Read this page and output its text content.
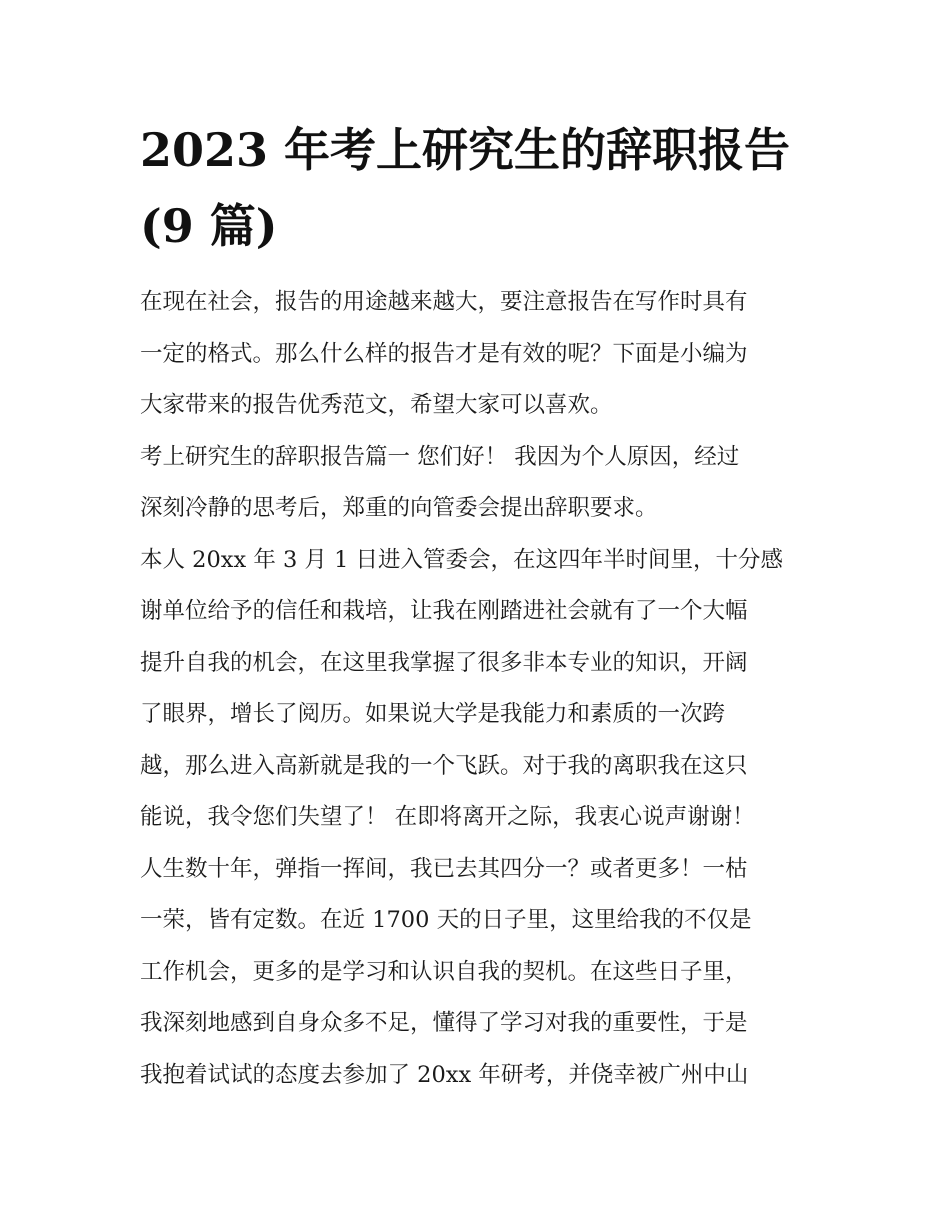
2023 年考上研究生的辞职报告
(9 篇)

在现在社会，报告的用途越来越大，要注意报告在写作时具有

一定的格式。那么什么样的报告才是有效的呢？下面是小编为

大家带来的报告优秀范文，希望大家可以喜欢。

考上研究生的辞职报告篇一 您们好！ 我因为个人原因，经过

深刻冷静的思考后，郑重的向管委会提出辞职要求。

本人 20xx 年 3 月 1 日进入管委会，在这四年半时间里，十分感

谢单位给予的信任和栽培，让我在刚踏进社会就有了一个大幅

提升自我的机会，在这里我掌握了很多非本专业的知识，开阔

了眼界，增长了阅历。如果说大学是我能力和素质的一次跨

越，那么进入高新就是我的一个飞跃。对于我的离职我在这只

能说，我令您们失望了！ 在即将离开之际，我衷心说声谢谢！

人生数十年，弹指一挥间，我已去其四分一？或者更多！一枯

一荣，皆有定数。在近 1700 天的日子里，这里给我的不仅是

工作机会，更多的是学习和认识自我的契机。在这些日子里，

我深刻地感到自身众多不足，懂得了学习对我的重要性，于是

我抱着试试的态度去参加了 20xx 年研考，并侥幸被广州中山
